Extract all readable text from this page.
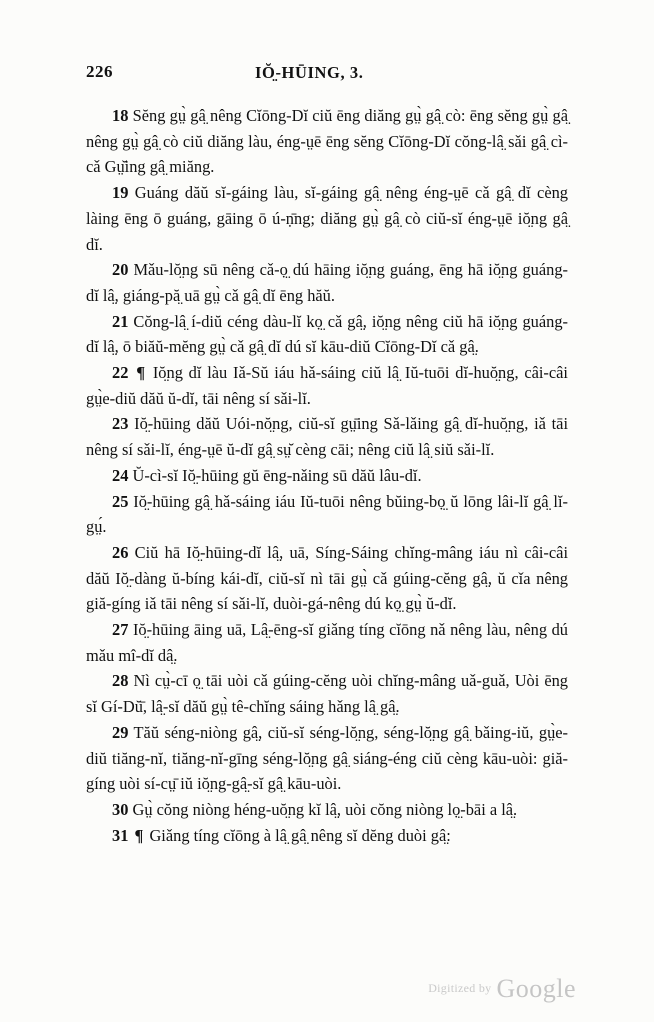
226	IŎ̤-HŪING, 3.

18 Sĕng gṳ̀ gâ̤ nêng Cĭōng-Dĭ ciŭ ēng diăng gṳ̀ gâ̤ cò: ēng sĕng gṳ̀ gâ̤ nêng gṳ̀ gâ̤ cò ciŭ diăng làu, éng-ṳē ēng sĕng Cĭōng-Dĭ cŏng-lâ̤ sǎi gâ̤ cì-cǎ Gṳ̆ing gâ̤ miăng.

19 Guáng dăŭ sĭ-gáing làu, sĭ-gáing gâ̤ nêng éng-ṳē cǎ gâ̤ dĭ cèng làing ēng ō guáng, gāing ō ú-ṇ̄ng; diăng gṳ̀ gâ̤ cò ciŭ-sĭ éng-ṳē iŏ̤ng gâ̤ dĭ.

20 Mǎu-lŏ̤ng sū nêng cǎ-ọ̤ dú hāing iŏ̤ng guáng, ēng hā iŏ̤ng guáng-dĭ lâ̤, giáng-pă̤ uā gṳ̀ cǎ gâ̤ dĭ ēng hăŭ.

21 Cŏng-lâ̤ í-diŭ céng dàu-lĭ kọ̤ cǎ gâ̤, iŏ̤ng nêng ciŭ hā iŏ̤ng guáng-dĭ lâ̤, ō biăŭ-mĕng gṳ̀ cǎ gâ̤ dĭ dú sĭ kāu-diŭ Cĭōng-Dĭ cǎ gâ̤.

22 ¶ Iŏ̤ng dĭ làu Iǎ-Sŭ iáu hǎ-sáing ciŭ lâ̤ Iŭ-tuōi dĭ-huŏ̤ng, câi-câi gṳ̀e-diŭ dăŭ ŭ-dĭ, tāi nêng sí sǎi-lĭ.

23 Iŏ̤-hūing dăŭ Uói-nŏ̤ng, ciŭ-sĭ gṳ̄ing Sǎ-lǎing gâ̤ dĭ-huŏ̤ng, iǎ tāi nêng sí sǎi-lĭ, éng-ṳē ŭ-dĭ gâ̤ sṳ̆ cèng cāi; nêng ciŭ lâ̤ siŭ sǎi-lĭ.

24 Ŭ-cì-sĭ Iŏ̤-hūing gŭ ēng-nǎing sū dăŭ lâu-dĭ.

25 Iŏ̤-hūing gâ̤ hǎ-sáing iáu Iŭ-tuōi nêng bŭing-bọ̤ ŭ lōng lâi-lĭ gâ̤ lĭ-gṳ́.

26 Ciŭ hā Iŏ̤-hūing-dĭ lâ̤, uā, Síng-Sáing chĭng-mâng iáu nì câi-câi dăŭ Iŏ̤-dàng ŭ-bíng kái-dĭ, ciŭ-sĭ nì tāi gṳ̀ cǎ gúing-cĕng gâ̤, ŭ cǐa nêng giă-gíng iǎ tāi nêng sí sǎi-lĭ, duòi-gá-nêng dú kọ̤ gṳ̀ ŭ-dĭ.

27 Iŏ̤-hūing āing uā, Lâ̤-ēng-sĭ giǎng tíng cĭōng nǎ nêng làu, nêng dú mǎu mî-dĭ dâ̤.

28 Nì cṳ̀-cī ọ̤ tāi uòi cǎ gúing-cĕng uòi chĭng-mâng uǎ-guǎ, Uòi ēng sĭ Gí-Dŭ̄, lâ̤-sĭ dăŭ gṳ̀ tê-chĭng sáing hǎng lâ̤ gâ̤.

29 Tăŭ séng-niòng gâ̤, ciŭ-sĭ séng-lŏ̤ng, séng-lŏ̤ng gâ̤ bǎing-iŭ, gṳ̀e-diŭ tiăng-nĭ, tiăng-nĭ-gīng séng-lŏ̤ng gâ̤ siáng-éng ciŭ cèng kāu-uòi: giă-gíng uòi sí-cṳ̄ iŭ iŏ̤ng-gâ̤-sĭ gâ̤ kāu-uòi.

30 Gṳ̀ cŏng niòng héng-uŏ̤ng kĭ lâ̤, uòi cŏng niòng lọ̤-bāi a lâ̤.

31 ¶ Giǎng tíng cĭōng à lâ̤ gâ̤ nêng sĭ dĕng duòi gâ̤:

Digitized by Google
